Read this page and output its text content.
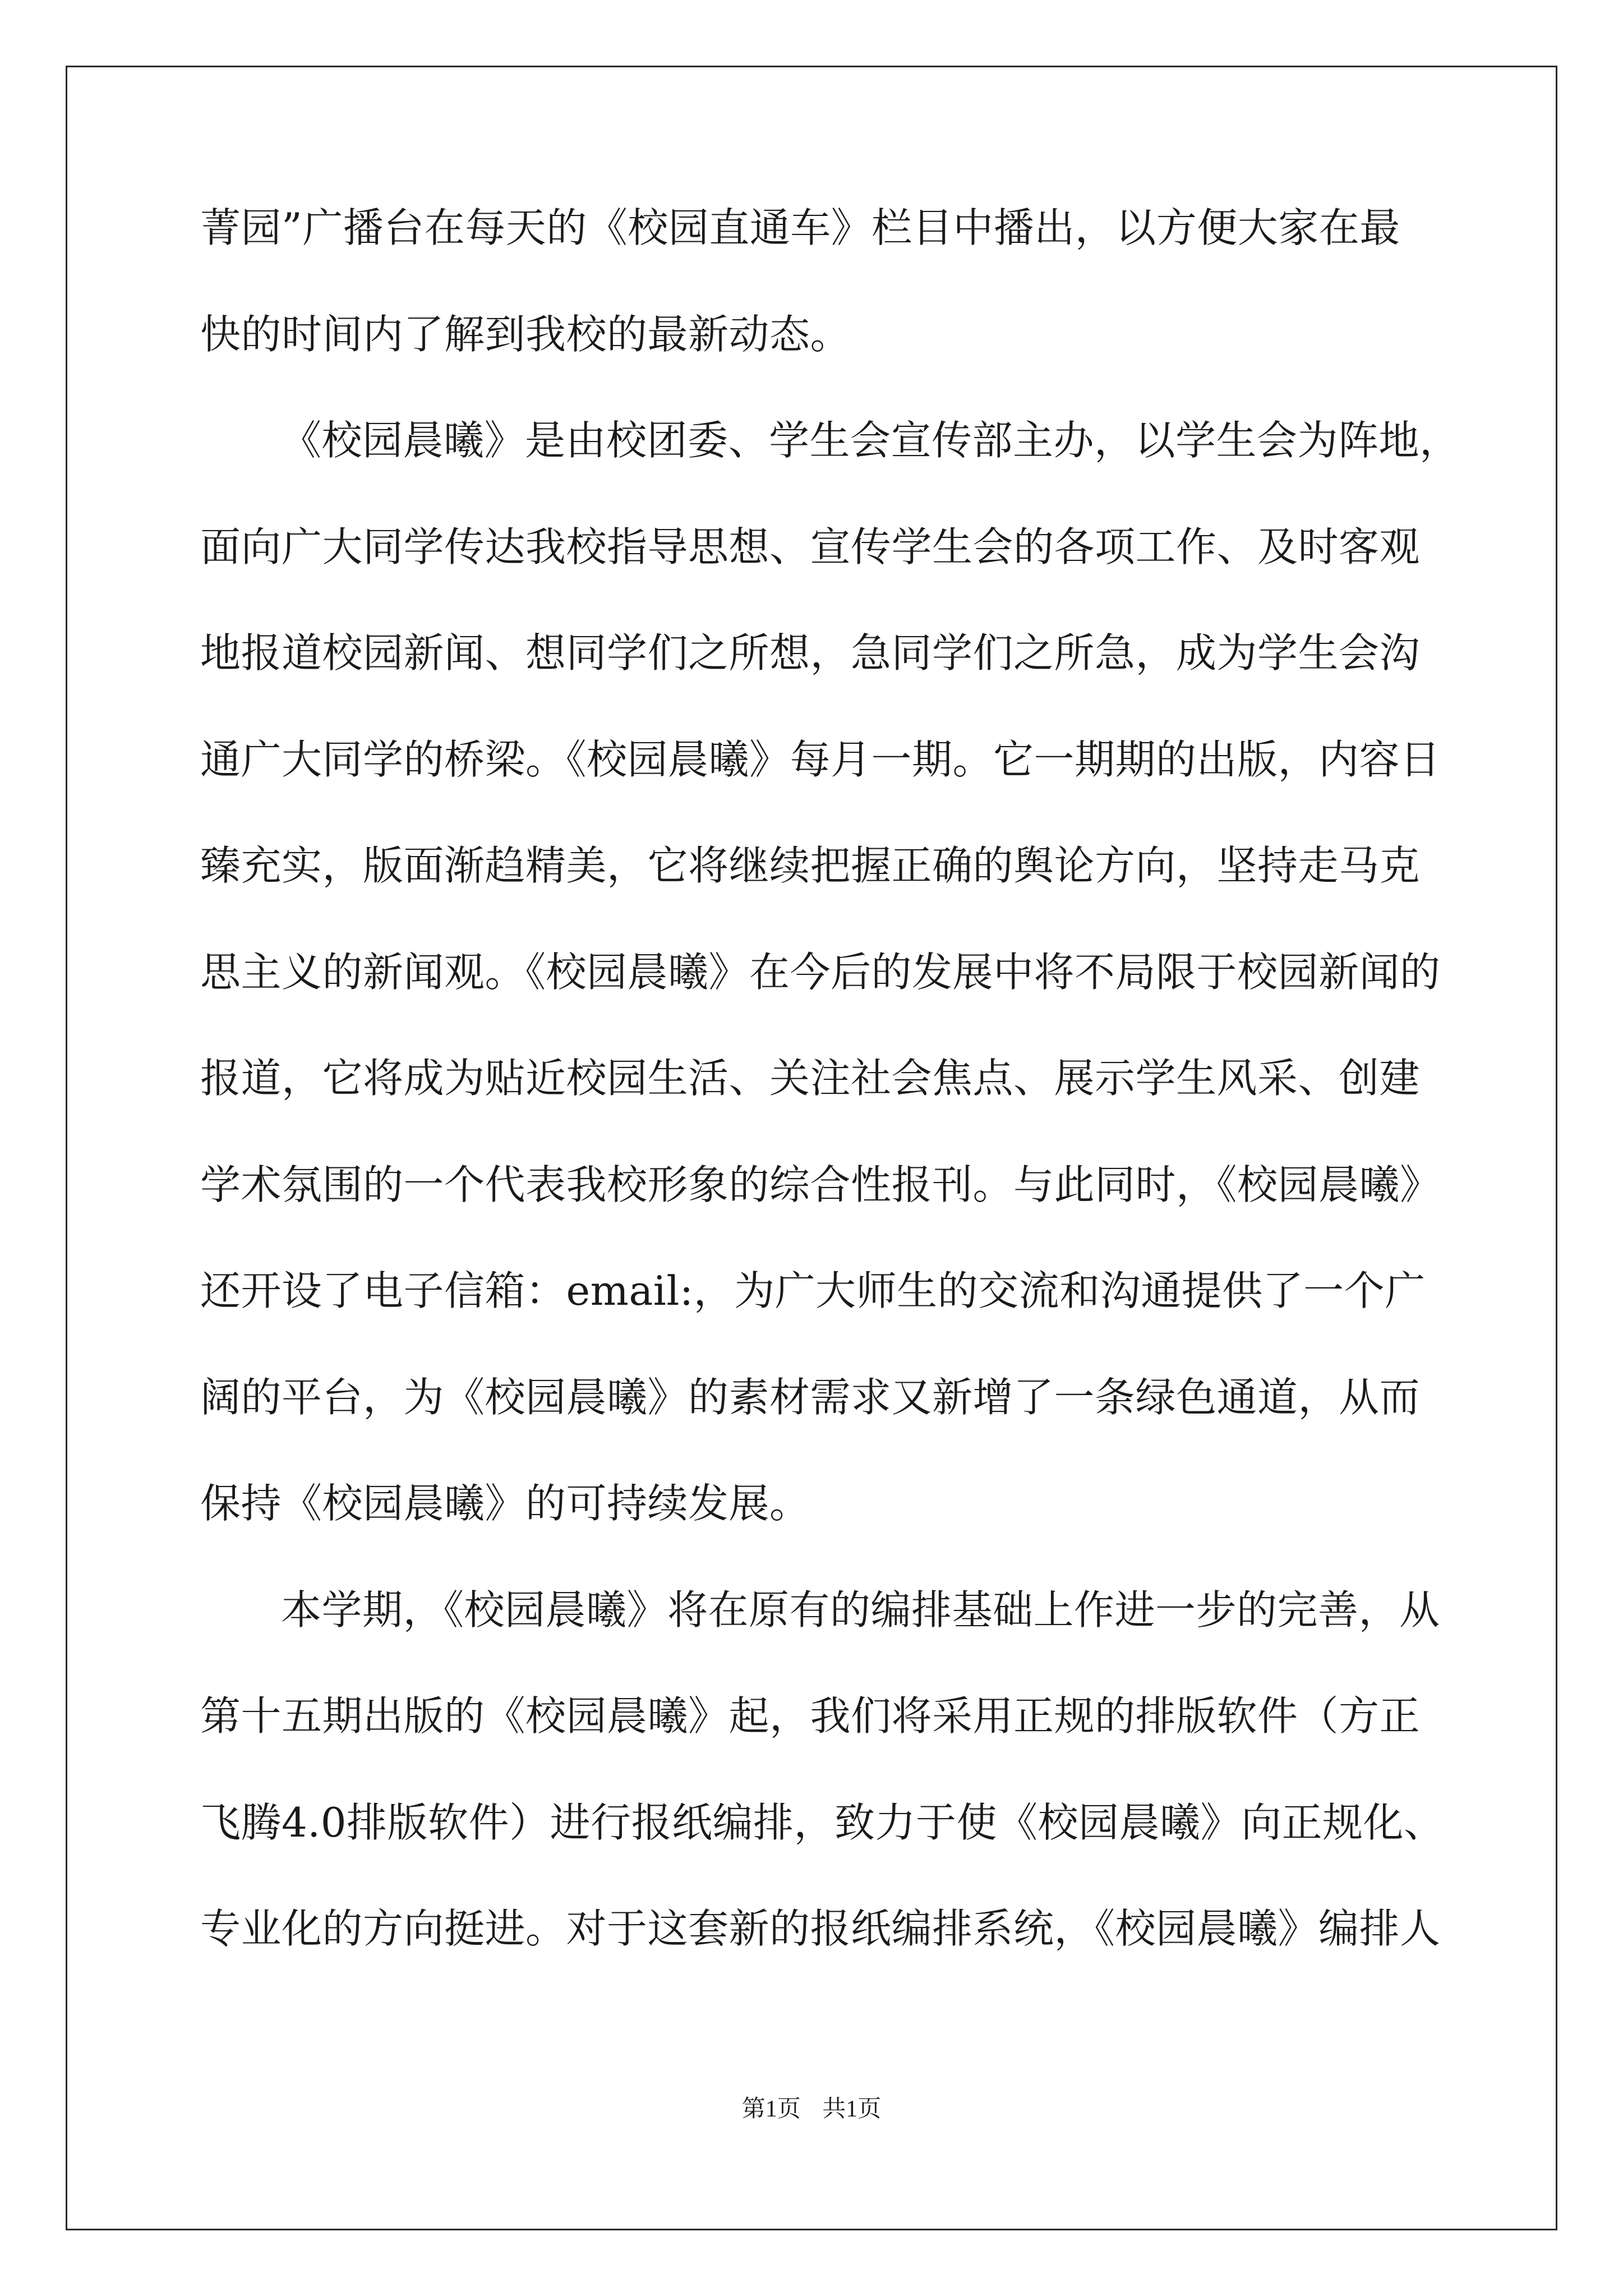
菁园”广播台在每天的《校园直通车》栏目中播出，以方便大家在最
快的时间内了解到我校的最新动态。
《校园晨曦》是由校团委、学生会宣传部主办，以学生会为阵地，
面向广大同学传达我校指导思想、宣传学生会的各项工作、及时客观
地报道校园新闻、想同学们之所想，急同学们之所急，成为学生会沟
通广大同学的桥梁。《校园晨曦》每月一期。它一期期的出版，内容日
臻充实，版面渐趋精美，它将继续把握正确的舆论方向，坚持走马克
思主义的新闻观。《校园晨曦》在今后的发展中将不局限于校园新闻的
报道，它将成为贴近校园生活、关注社会焦点、展示学生风采、创建
学术氛围的一个代表我校形象的综合性报刊。与此同时，《校园晨曦》
还开设了电子信箱：email:，为广大师生的交流和沟通提供了一个广
阔的平台，为《校园晨曦》的素材需求又新增了一条绿色通道，从而
保持《校园晨曦》的可持续发展。
本学期，《校园晨曦》将在原有的编排基础上作进一步的完善，从
第十五期出版的《校园晨曦》起，我们将采用正规的排版软件（方正
飞腾4.0排版软件）进行报纸编排，致力于使《校园晨曦》向正规化、
专业化的方向挺进。对于这套新的报纸编排系统，《校园晨曦》编排人
第1页 共1页
